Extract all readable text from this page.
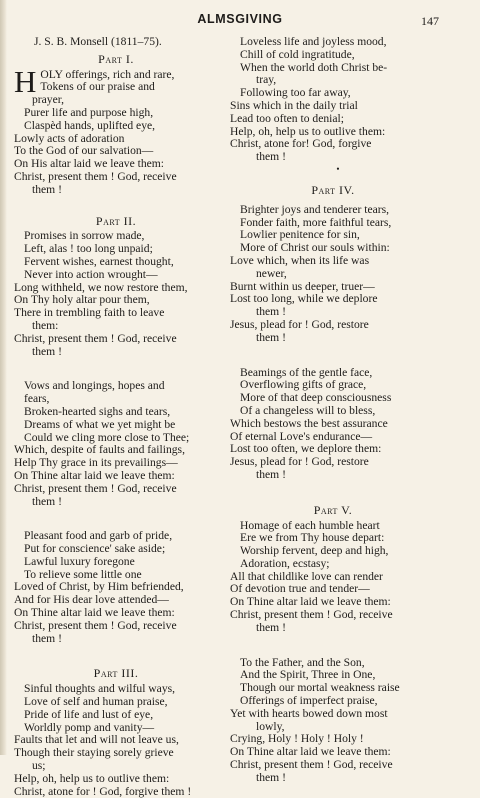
ALMSGIVING	147
J. S. B. Monsell (1811–75).
Part I.
H OLY offerings, rich and rare,
Tokens of our praise and
prayer,
Purer life and purpose high,
Claspèd hands, uplifted eye,
Lowly acts of adoration
To the God of our salvation—
On His altar laid we leave them:
Christ, present them ! God, receive
them !
Part II.
Promises in sorrow made,
Left, alas ! too long unpaid;
Fervent wishes, earnest thought,
Never into action wrought—
Long withheld, we now restore them,
On Thy holy altar pour them,
There in trembling faith to leave
them:
Christ, present them ! God, receive
them !
Vows and longings, hopes and
fears,
Broken-hearted sighs and tears,
Dreams of what we yet might be
Could we cling more close to Thee;
Which, despite of faults and failings,
Help Thy grace in its prevailings—
On Thine altar laid we leave them:
Christ, present them ! God, receive
them !
Pleasant food and garb of pride,
Put for conscience' sake aside;
Lawful luxury foregone
To relieve some little one
Loved of Christ, by Him befriended,
And for His dear love attended—
On Thine altar laid we leave them:
Christ, present them ! God, receive
them !
Part III.
Sinful thoughts and wilful ways,
Love of self and human praise,
Pride of life and lust of eye,
Worldly pomp and vanity—
Faults that let and will not leave us,
Though their staying sorely grieve
us;
Help, oh, help us to outlive them:
Christ, atone for ! God, forgive them !
Loveless life and joyless mood,
Chill of cold ingratitude,
When the world doth Christ be-
tray,
Following too far away,
Sins which in the daily trial
Lead too often to denial;
Help, oh, help us to outlive them:
Christ, atone for! God, forgive
them !
•
Part IV.
Brighter joys and tenderer tears,
Fonder faith, more faithful tears,
Lowlier penitence for sin,
More of Christ our souls within:
Love which, when its life was
newer,
Burnt within us deeper, truer—
Lost too long, while we deplore
them !
Jesus, plead for ! God, restore
them !
Beamings of the gentle face,
Overflowing gifts of grace,
More of that deep consciousness
Of a changeless will to bless,
Which bestows the best assurance
Of eternal Love's endurance—
Lost too often, we deplore them:
Jesus, plead for ! God, restore
them !
Part V.
Homage of each humble heart
Ere we from Thy house depart:
Worship fervent, deep and high,
Adoration, ecstasy;
All that childlike love can render
Of devotion true and tender—
On Thine altar laid we leave them:
Christ, present them ! God, receive
them !
To the Father, and the Son,
And the Spirit, Three in One,
Though our mortal weakness raise
Offerings of imperfect praise,
Yet with hearts bowed down most
lowly,
Crying, Holy ! Holy ! Holy !
On Thine altar laid we leave them:
Christ, present them ! God, receive
them !
